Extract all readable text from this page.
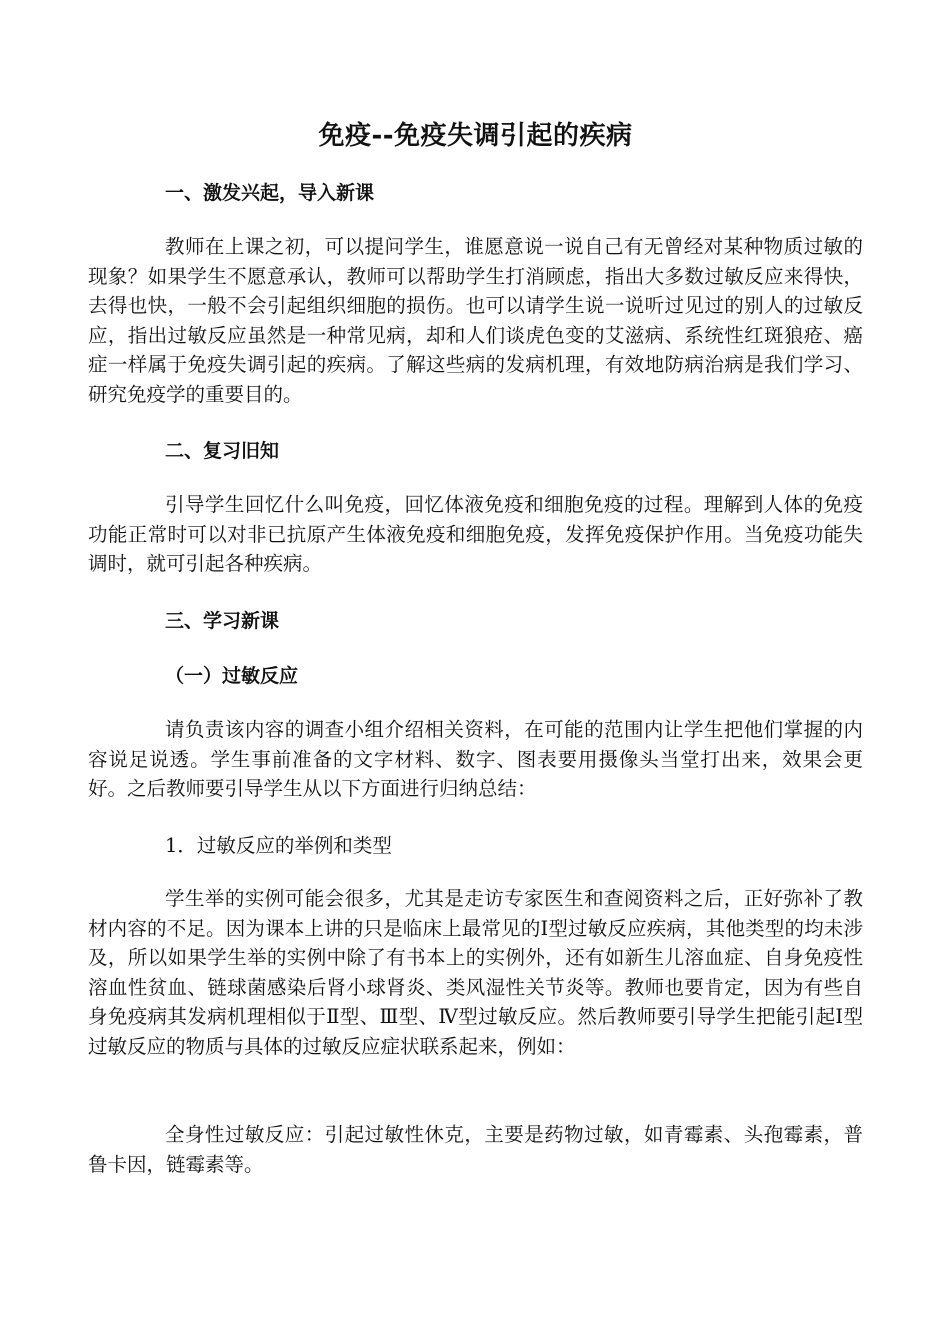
免疫--免疫失调引起的疾病
一、激发兴起，导入新课
教师在上课之初，可以提问学生，谁愿意说一说自己有无曾经对某种物质过敏的现象？如果学生不愿意承认，教师可以帮助学生打消顾虑，指出大多数过敏反应来得快，去得也快，一般不会引起组织细胞的损伤。也可以请学生说一说听过见过的别人的过敏反应，指出过敏反应虽然是一种常见病，却和人们谈虎色变的艾滋病、系统性红斑狼疮、癌症一样属于免疫失调引起的疾病。了解这些病的发病机理，有效地防病治病是我们学习、研究免疫学的重要目的。
二、复习旧知
引导学生回忆什么叫免疫，回忆体液免疫和细胞免疫的过程。理解到人体的免疫功能正常时可以对非已抗原产生体液免疫和细胞免疫，发挥免疫保护作用。当免疫功能失调时，就可引起各种疾病。
三、学习新课
（一）过敏反应
请负责该内容的调查小组介绍相关资料，在可能的范围内让学生把他们掌握的内容说足说透。学生事前准备的文字材料、数字、图表要用摄像头当堂打出来，效果会更好。之后教师要引导学生从以下方面进行归纳总结：
1．过敏反应的举例和类型
学生举的实例可能会很多，尤其是走访专家医生和查阅资料之后，正好弥补了教材内容的不足。因为课本上讲的只是临床上最常见的Ⅰ型过敏反应疾病，其他类型的均未涉及，所以如果学生举的实例中除了有书本上的实例外，还有如新生儿溶血症、自身免疫性溶血性贫血、链球菌感染后肾小球肾炎、类风湿性关节炎等。教师也要肯定，因为有些自身免疫病其发病机理相似于Ⅱ型、Ⅲ型、Ⅳ型过敏反应。然后教师要引导学生把能引起Ⅰ型过敏反应的物质与具体的过敏反应症状联系起来，例如：
全身性过敏反应：引起过敏性休克，主要是药物过敏，如青霉素、头孢霉素，普鲁卡因，链霉素等。
